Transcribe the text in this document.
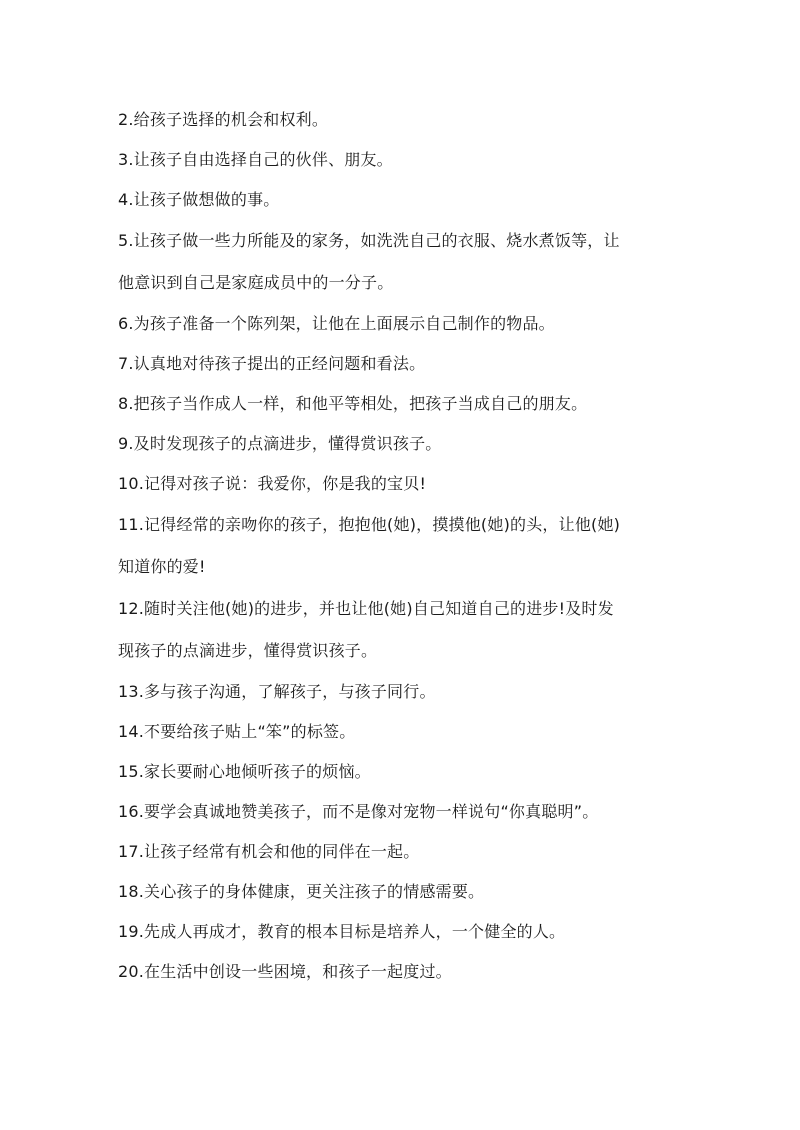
2.给孩子选择的机会和权利。
3.让孩子自由选择自己的伙伴、朋友。
4.让孩子做想做的事。
5.让孩子做一些力所能及的家务，如洗洗自己的衣服、烧水煮饭等，让
他意识到自己是家庭成员中的一分子。
6.为孩子准备一个陈列架，让他在上面展示自己制作的物品。
7.认真地对待孩子提出的正经问题和看法。
8.把孩子当作成人一样，和他平等相处，把孩子当成自己的朋友。
9.及时发现孩子的点滴进步，懂得赏识孩子。
10.记得对孩子说：我爱你，你是我的宝贝!
11.记得经常的亲吻你的孩子，抱抱他(她)，摸摸他(她)的头，让他(她)
知道你的爱!
12.随时关注他(她)的进步，并也让他(她)自己知道自己的进步!及时发
现孩子的点滴进步，懂得赏识孩子。
13.多与孩子沟通，了解孩子，与孩子同行。
14.不要给孩子贴上“笨”的标签。
15.家长要耐心地倾听孩子的烦恼。
16.要学会真诚地赞美孩子，而不是像对宠物一样说句“你真聪明”。
17.让孩子经常有机会和他的同伴在一起。
18.关心孩子的身体健康，更关注孩子的情感需要。
19.先成人再成才，教育的根本目标是培养人，一个健全的人。
20.在生活中创设一些困境，和孩子一起度过。
